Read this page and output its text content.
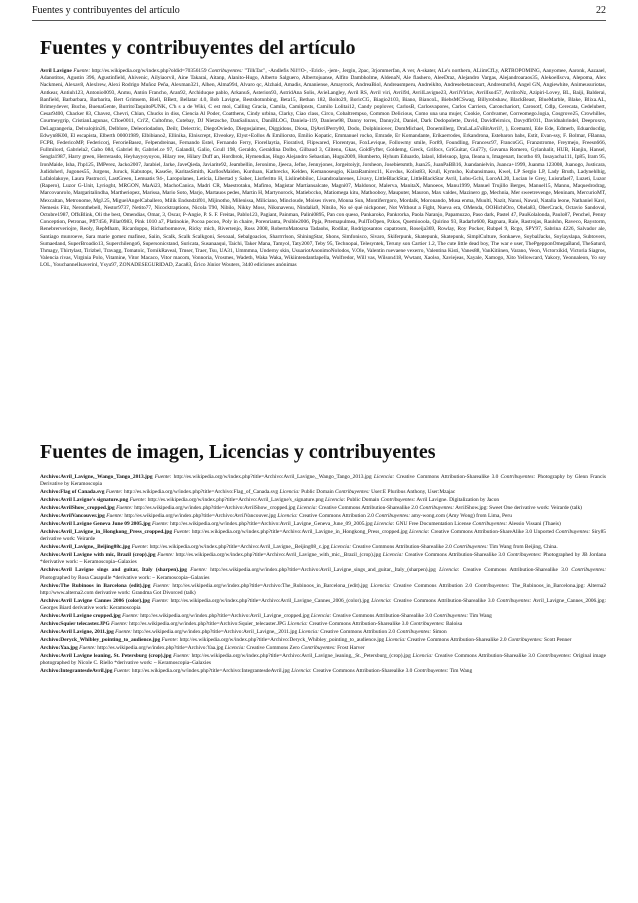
Fuentes y contribuyentes del artículo	22
Fuentes y contribuyentes del artículo
Avril Lavigne Fuente: http://es.wikipedia.org/w/index.php?oldid=70356159 Contribuyentes: "TilkTac", -Andlefis Nil!!O-, -Erick-, -jem-, Jergin, 2pac, 3rjommerfan, A ver, A-skater, ALe's northern, ALiimCfLy, ARTROPOMING, Aanyomee, Aaronk, Aazaael, Adanotitos, Agustin 396, Agustinfield, Ahivenic, Ailyiaorvil, Aine Takarai, Aitanp, Alanito-Hugo, Alberto Salguero, Albertojuanse, Alfito Dambholme, AldenaN, Ale flashero, AleeDraz, Alejandro Vargas, Alejandroaraos35, AlekoelIscva, Alepoma, Alex Nackmeni, Alexav8, Alexlrew, Alexi Rodrigo Muñoz Peña, Alexman321, Alhen, Alma994, Alvaro qc, Alzhaid, Amadis, Amaniense, Amayrock, AndreaBiol, Andreasmperu, Andreiklto, Andresebetancourt, Andresmo94, Angel GN, Angiewhite, Animeusuriotas, Antkear, Antiuh123, Antonio0093, Anmu, Antón Francho, Aran92, Archiduque pablo, ArkanuS, Asterion93, AstridAna Solis, AvieLangley, Avril RS, Avril viri, Avril94, AvrilLavigne23, AvrilVirlav, AvrilIso457, AvrilroNz, Azipiri-Lovey, BL, Baiji, Balderai, Banfield, Barbarbara, Barbarita, Bert Grimsem, Biell, BBett, Bellatar 4.0, Bob Lavigne, Bestshotnnbing, Beta15, Bethan 182, Boito29, BoricCG, Biagio2103, Biano, BiancoL, BiebsMCSwag, Billyrobshaw, BlackBeast, BlueMarble, Blake, Blixa.AL, Brimey4ever, Bucho, BuenaGente, BurritoTaquitoPUNK, C'h s a de Wiki, C est moi, Calling Gracia, Camila, Camilpnsts, Camilo Lolitai12, Candy poplover, CarlosB, Carlosvapores, Carlos Carriera, Caronchariort, Carosotf, Cdlp, Cerecata, Cedelubert, Cesar9400, Chacker 83, Chavez, Chevri, Chian, Chucks in diss, Ciencia Al Poder, Coatthens, Cindy urbina, Clarky, Ciao class, Circo, Cobaltrempso, Common Delicious, Como una una mujer, Cookie, Cordvamer, Correomego.logia, Cosgrove25, Crowhilles, Courtneygrip, CristianLagunas, Cfloe0011, Cri'Z, Cultofmo, Cutebay, DJ Nietzsche, DanSalinaxx, DaniBLOG, Daniela-119, Daniene98, Danny torres, Danny24, Daniel, Dark Dodopolette, David, Davidfeirnics, Davydfir011, Davidnahrindel, Deeproxro, DeLagrangeria, Delvalojtin26, Delblore, Deleoriodadon, Deilr, Delectric, DiegoOviedo, Diegosjaimes, Diggidons, Diosa, DjAvrilPerry00, Dodo, Dolphiniover, DomMichael, Donemillerg, DraLaLa5'sBitAvril?, ), Ecemaml, Ede Ede, Edmerb, Eduardocdig, Edwyn8K00, El escapista, Elberth 00001989, Elbibiano2, Ellinika, Elniscrept, Elveokey, Elyst+Eollos & Emiliorsto, Emilio Kopatic, Emmanuel rocko, Emrade, Er Komandante, Erikaerrodes, Erkandrona, Estebaron babs, Estit, Evan-ssy, F. Bolmar, FBanna, FCPB, FedericoMP, Federicorj, FerorieBasez, Felpendreinas, Fernando Estel, Fernando Ferry, Fiorellaytia, Fiorativd, Flipwared, Florentyas, FoxLevique, Followmy smile, For89, Foundling, Francesc97, FrancoGG, Franzstrome, Freymejo, Freesn666, Fullmilord, Gabriela2, Gabo 084, Gabriel 8r, Gabriel.ce 97, Galandil, Galio, Gcull 198, Geraldo, Geraldina Dolbo, Gilbaud 3, Glitenu, Gkas, GoldFyfter, Goldemg, Greck, Grifocs, GriGuitar, Gui77y, Guvama Romero, Gylanhalit, HUB, Hanjin, Hansel, Sengla1987, Harry green, Herrerasdo, Heyhayyoyoyou, Hilary ree, Hilary Duff an, Hordbrok, Hymendias, Hugo Alejandro Sebastian, Hugo2009, Humberto, Hyhum Eduardo, Ialaol, Idlelsuop, Igna, Ileana n, Imagenart, Incotho 69, Insayacha111, Ip85, Iram 95, IronMaide, Isha, I'hp125, IMPerez, Jacko2007, Jarabiel, Jarke, JaveQieda, Javiarite92, Jeambellin, Jeronimo, Jjeeca, Jefne, Jennyjones, Jorgeitoiyjt, Jorsheon, Josebietsmtb, Juan25, JuanPaBB16, Juandanielvin, Juanca+1999, Juanma 123008, Juanogo, Justicara, Judidoherl, Jugones55, Jurgens, Juruck, Kabutops, KaseSe, KaritasSmith, KarllosMaiden, Kurduan, Kathrecks, Kelden, Kemanoseugio, KiaraRamirez11, Kovdus, Kolist83, Krull, Kymsho, Kubansimasu, Kwel, LP Sergio LP, Lady Bruth, Ladynehlhig, Lafalolakoye, Laura Pastrucci, LastGreen, Lemuatis 94-, Laropolanes, Leticia, Libertad y Saber, Lisrferitto H, Lislinebbiloc, Lisandroalarenes, Livavy, LittleBlackStar, LittleBlackStar Avril, Lobu-Gchi, LoroAL20, Lucian le Grey, Luisrafael7, Luzeti, Luzor (Rapero), Luzor G-Unit, Lyrioght, MRGON, MaAi23, MachoCanica, Madri CR, Maestrotaku, Mafimo, Magistar Martiansalcate, Magni07, Maldonor, Malerva, ManitaX, Manoeos, Manu1999, Manuel Trujillo Berges, Manuel15, Mannu, Maquedrodrag, Marcovanrolo, Margaritalindha, Martheriopez, Marissa, Mario Soto, Marjo, Martauos pedes, Martin H, Martynorock, Matiebccko, Matiomega kitu, Mathooboy, Mauputer, Mauron, Max valdes, Mazinero gp, Mechnia, Mer sweetrevenge, Meninam, MercurioMT, Mexcaltan, Metronome, MgJ.25, MiguelAngelCaballero, Milik Endsndzif01, Mijinotho, Milenissa, Miliciano, Mincloude, Moises rivero, Monna Sun, Montiferrgoro, Mordalk, Moronando, Musa enma, Muulti, Nazit, Nanui, Nawal, Natalia leone, Nathaniel Kavi, Nemesis Fiiz, Neronthebell, Nestor9737, Netito77, Nicocktraptions, Nicola T90, Nibilo, Nikky Moss, Niksnavenu, Nindalia9, Nitsilo, No sé qué nickponer, Not Without a Fight, Nueva era, OMenda, OOHichiOro, Ohela83, OberCrack, Octavio Sandoval, Octubre1987, OffsBlink, Oli the best, Omendias, Omar, 3, Oscar, P-Angie, P. S. F. Freitas, Pablo123, Pagiant, Painman, Palini0895, Pan con queso, Pankaroko, Pankrorka, Paola Naranjo, Papamuzzo, Paso dark, Pastel 47, PauKolalonda, Paulo87, Penchel, Penny Conception, Petronas, Pff7456, Pillar0983, Pink 1010 a7, Platinokie, Pocoa pocoo, Poly in chaire, Porenrianta, Prsible2006, Ppja, Prtemapulmea, PullToOpen, Pzkos, Quemiooola, Quirino 93, Radarhr600, Ragnara, Raie, Rastrojas, Raulshn, Raveco, Raystorm, Renebrerveriojre, Reoly, RepMham, Ricardoppo, Richarbomnove, Ricky mich, Rivertenjo, Ross 2008, RobertoMatosrsa Tadaohs, Rodilar, Rodrigosantos capatrosm, Roseija369, Rowlay, Roy Pocker, Rubpel 9, Rcgo, SPY97, Sabrina 4226, Salvador ale, Santiago munroeve, Sara marie gomez mafinez, Saiin, Scalk, Scalk Scalkgoni, Sexoaal, Sebalgoacios, Sharrrrlson, ShiningStar, Shons, Simfonisco, Sivaro, Skiferpunk, Skatepunk, Skatepunk, SimplCulture, Sonkaeve, SoybalJacks, Soylayslapa, Subtovers, Sumaedand, SuperBroadio13, Superchilengo6, Supersonicstand, Suricata, Susanaaqui, Taichi, Taker Mana, Tamyol, Taty2007, Teby 95, Technopai, Telesyntek, Teruny son Cartier 1.2, The cute little dead boy, The war e user, ThePgepponOmegaBand, TheSaturd, Thmagy, Thirtylast, Tirizbel, Travagg, Tomatoic, TornikRaveal, Tmser, Traer, Tsu, UA31, Ummmna, Underny skin, UsuariotAnonimoNolodos, V.Ole, Valentin ruevaene vexerro, Valentina Kisti, Vanes88, VanKitiinen, Varano, Veon, Victorxikid, Victoria Siagros, Valencia rivas, Virginia Polo, Vitamine, Vitor Macaco, Vitor macom, Vonnoria, Vrosmes, Wadeth, Waka Waka, Wikiintendantlapella, Wolfredor, Will vas, Wilson418, Wwtant, Xaolso, Xaviejeas, Xayale, Xamogo, Xito Yellowcard, Yakory, Yeonnaleon, Yo soy LOL, YouchannelIsaverinl, Ysyu97, ZONADESEGURIDAD, Zaca83, Érico Júnior Wouters, 3440 ediciones anónimas
Fuentes de imagen, Licencias y contribuyentes
Archivo:Avril_Lavigne,_Wango_Tango_2013.jpg Fuente: http://es.wikipedia.org/w/index.php?title=Archivo:Avril_Lavigne,_Wango_Tango_2013.jpg Licencia: Creative Commons Attribution-Sharealike 3.0 Contribuyentes: Photography by Glenn Francis Derivative by Keramoscopia
Archivo:Flag of Canada.svg Fuente: http://es.wikipedia.org/w/index.php?title=Archivo:Flag_of_Canada.svg Licencia: Public Domain Contribuyentes: User:E Pluribus Anthony, User:Mzajac
Archivo:Avril Lavigne's signature.png Fuente: http://es.wikipedia.org/w/index.php?title=Archivo:Avril_Lavigne's_signature.png Licencia: Public Domain Contribuyentes: Avril Lavigne. Digitalization by Jacon
Archivo:AvrilShow_cropped.jpg Fuente: http://es.wikipedia.org/w/index.php?title=Archivo:AvrilShow_cropped.jpg Licencia: Creative Commons Attribution-Sharealike 2.0 Contribuyentes: AvrilShow.jpg: Sweet One derivative work: Veirarde (talk)
Archivo:AvrilVancouver.jpg Fuente: http://es.wikipedia.org/w/index.php?title=Archivo:AvrilVancouver.jpg Licencia: Creative Commons Attribution 2.0 Contribuyentes: amy-wong.com (Amy Wong) from Lima, Peru
Archivo:Avril Lavigne Geneva June 09 2005.jpg Fuente: http://es.wikipedia.org/w/index.php?title=Archivo:Avril_Lavigne_Geneva_June_09_2005.jpg Licencia: GNU Free Documentation License Contribuyentes: Alessio Vissani (Thaeis)
Archivo:Avril_Lavigne_in_Hongkong_Press_cropped.jpg Fuente: http://es.wikipedia.org/w/index.php?title=Archivo:Avril_Lavigne_in_Hongkong_Press_cropped.jpg Licencia: Creative Commons Attribution-ShareAlike 3.0 Unported Contribuyentes: Siry85 derivative work: Veirarde
Archivo:Avril_Lavigne,_Beijing08c.jpg Fuente: http://es.wikipedia.org/w/index.php?title=Archivo:Avril_Lavigne,_Beijing08_c.jpg Licencia: Creative Commons Attribution-Sharealike 2.0 Contribuyentes: Tim Wang from Beijing, China.
Archivo:Avril Lavigne with mic, Brazil (crop).jpg Fuente: http://es.wikipedia.org/w/index.php?title=Archivo:Avril_Lavigne_with_mic,_Brazil_(crop).jpg Licencia: Creative Commons Attribution-Sharealike 3.0 Contribuyentes: Photographed by JB Jordana *derivative work: ~ Keramoscopia~Galaxies
Archivo:Avril Lavigne sings and guitar, Italy (sharpen).jpg Fuente: http://es.wikipedia.org/w/index.php?title=Archivo:Avril_Lavigne_sings_and_guitar,_Italy_(sharpen).jpg Licencia: Creative Commons Attribution-Sharealike 3.0 Contribuyentes: Photographed by Rosa Casapulle *derivative work: ~ Keramoscopia~Galaxies
Archivo:The Rubinoos in Barcelona (edit).jpg Fuente: http://es.wikipedia.org/w/index.php?title=Archivo:The_Rubinoos_in_Barcelona_(edit).jpg Licencia: Creative Commons Attribution 2.0 Contribuyentes: The_Rubinoos_in_Barcelona.jpg: Alterna2 http://www.alterna2.com derivative work: Grandma Got Divorced (talk)
Archivo:Avril Lavigne Cannes 2006 (color).jpg Fuente: http://es.wikipedia.org/w/index.php?title=Archivo:Avril_Lavigne_Cannes_2006_(color).jpg Licencia: Creative Commons Attribution-Sharealike 3.0 Contribuyentes: Avril_Lavigne_Cannes_2006.jpg: Georges Biard derivative work: Keramoscopia
Archivo:Avril Lavigne cropped.jpg Fuente: http://es.wikipedia.org/w/index.php?title=Archivo:Avril_Lavigne_cropped.jpg Licencia: Creative Commons Attribution-Sharealike 3.0 Contribuyentes: Tim Wang
Archivo:Squier telecaster.JPG Fuente: http://es.wikipedia.org/w/index.php?title=Archivo:Squier_telecaster.JPG Licencia: Creative Commons Attribution-Sharealike 3.0 Contribuyentes: Baloisa
Archivo:Avril Lavigne, 2011.jpg Fuente: http://es.wikipedia.org/w/index.php?title=Archivo:Avril_Lavigne,_2011.jpg Licencia: Creative Commons Attribution 2.0 Contribuyentes: Simon
Archivo:Deryck_Whibley_pointing_to_audience.jpg Fuente: http://es.wikipedia.org/w/index.php?title=Archivo:Deryck_Whibley_pointing_to_audience.jpg Licencia: Creative Commons Attribution-Sharealike 2.0 Contribuyentes: Scott Penner
Archivo:Yaa.jpg Fuente: http://es.wikipedia.org/w/index.php?title=Archivo:Yaa.jpg Licencia: Creative Commons Zero Contribuyentes: Frost Harver
Archivo:Avril Lavigne leaning, St. Petersburg (crop).jpg Fuente: http://es.wikipedia.org/w/index.php?title=Archivo:Avril_Lavigne_leaning,_St._Petersburg_(crop).jpg Licencia: Creative Commons Attribution-Sharealike 3.0 Contribuyentes: Original image photographed by Nicole C. Riello *derivative work: ~ Keramoscopia~Galaxies
Archivo:IntegrantesdeAvril.jpg Fuente: http://es.wikipedia.org/w/index.php?title=Archivo:IntegrantesdeAvril.jpg Licencia: Creative Commons Attribution-Sharealike 3.0 Contribuyentes: Tim Wang
